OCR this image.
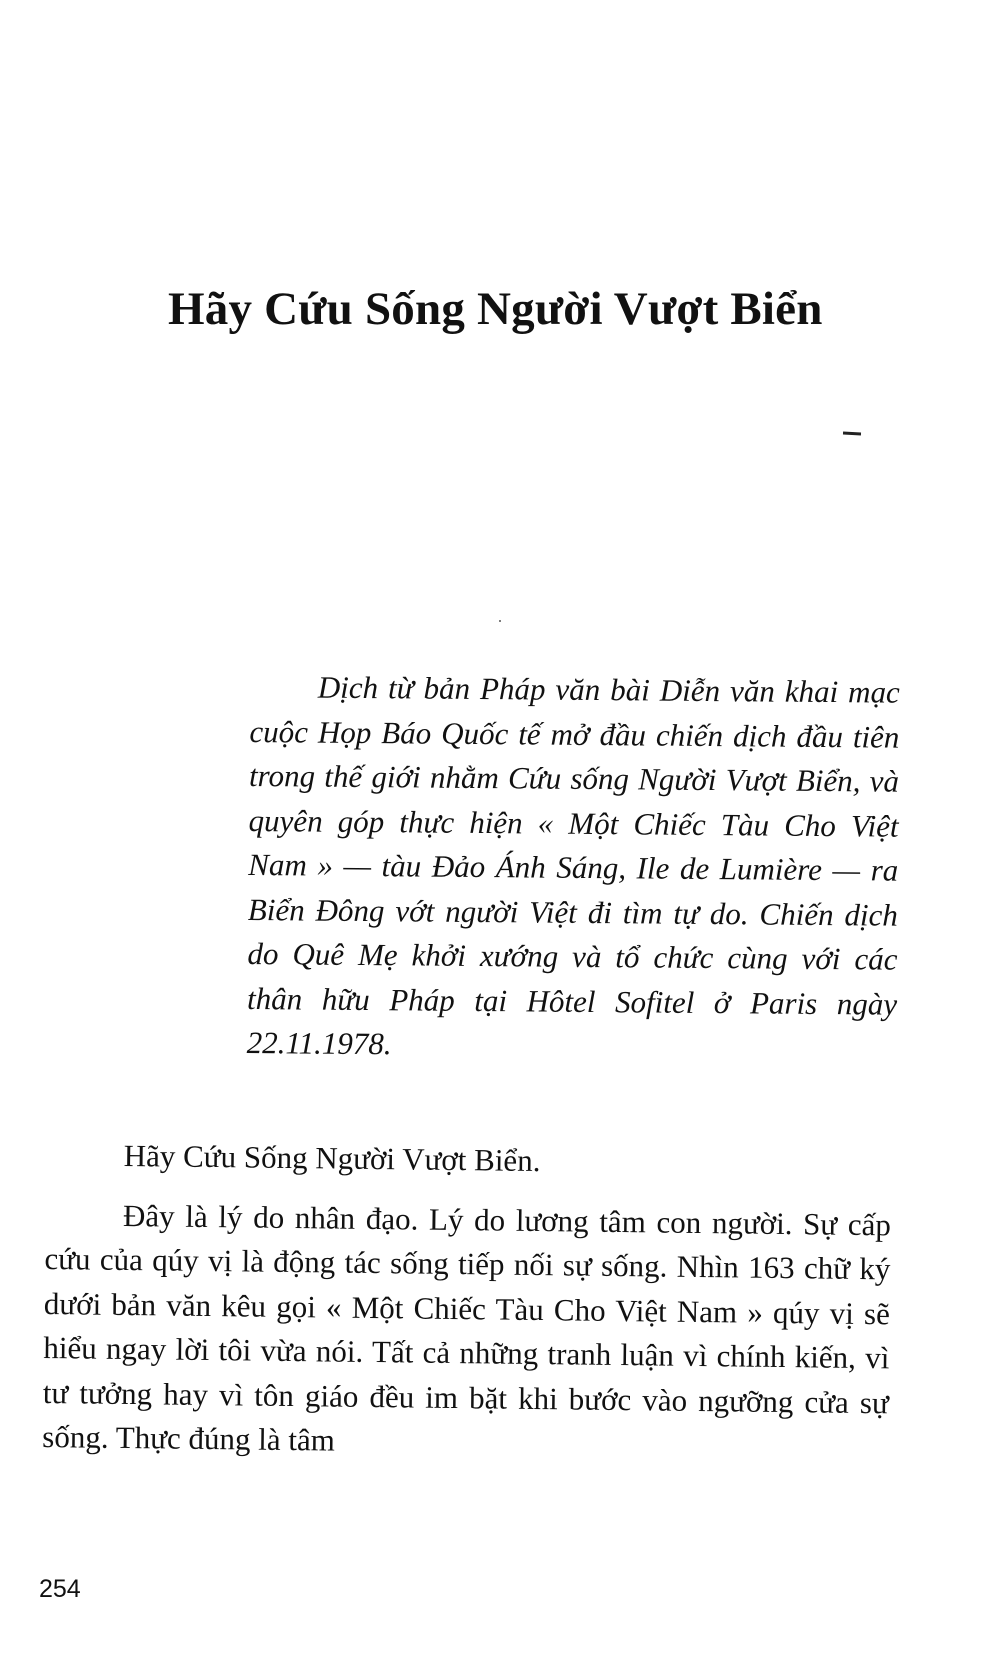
Hãy Cứu Sống Người Vượt Biển

Dịch từ bản Pháp văn bài Diễn văn khai mạc cuộc Họp Báo Quốc tế mở đầu chiến dịch đầu tiên trong thế giới nhằm Cứu sống Người Vượt Biển, và quyên góp thực hiện « Một Chiếc Tàu Cho Việt Nam » — tàu Đảo Ánh Sáng, Ile de Lumière — ra Biển Đông vớt người Việt đi tìm tự do. Chiến dịch do Quê Mẹ khởi xướng và tổ chức cùng với các thân hữu Pháp tại Hôtel Sofitel ở Paris ngày 22.11.1978.

Hãy Cứu Sống Người Vượt Biển.

Đây là lý do nhân đạo. Lý do lương tâm con người. Sự cấp cứu của qúy vị là động tác sống tiếp nối sự sống. Nhìn 163 chữ ký dưới bản văn kêu gọi « Một Chiếc Tàu Cho Việt Nam » qúy vị sẽ hiểu ngay lời tôi vừa nói. Tất cả những tranh luận vì chính kiến, vì tư tưởng hay vì tôn giáo đều im bặt khi bước vào ngưỡng cửa sự sống. Thực đúng là tâm

254
